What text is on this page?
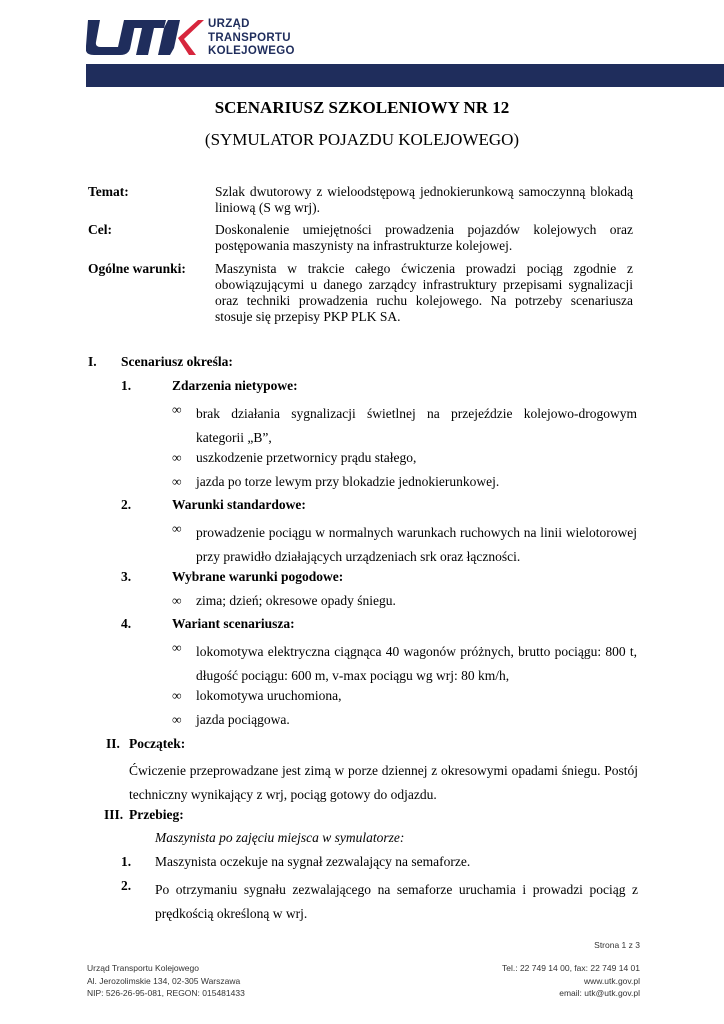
URZĄD
TRANSPORTU
KOLEJOWEGO
SCENARIUSZ SZKOLENIOWY NR 12
(SYMULATOR POJAZDU KOLEJOWEGO)
Temat:	Szlak dwutorowy z wieloodstępową jednokierunkową samoczynną blokadą liniową (S wg wrj).
Cel:	Doskonalenie umiejętności prowadzenia pojazdów kolejowych oraz postępowania maszynisty na infrastrukturze kolejowej.
Ogólne warunki: Maszynista w trakcie całego ćwiczenia prowadzi pociąg zgodnie z obowiązującymi u danego zarządcy infrastruktury przepisami sygnalizacji oraz techniki prowadzenia ruchu kolejowego. Na potrzeby scenariusza stosuje się przepisy PKP PLK SA.
I. Scenariusz określa:
1.	Zdarzenia nietypowe:
∞ brak działania sygnalizacji świetlnej na przejeździe kolejowo-drogowym kategorii „B”,
∞ uszkodzenie przetwornicy prądu stałego,
∞ jazda po torze lewym przy blokadzie jednokierunkowej.
2.	Warunki standardowe:
∞ prowadzenie pociągu w normalnych warunkach ruchowych na linii wielotorowej przy prawidło działających urządzeniach srk oraz łączności.
3.	Wybrane warunki pogodowe:
∞ zima; dzień; okresowe opady śniegu.
4.	Wariant scenariusza:
∞ lokomotywa elektryczna ciągnąca 40 wagonów próżnych, brutto pociągu: 800 t, długość pociągu: 600 m, v-max pociągu wg wrj: 80 km/h,
∞ lokomotywa uruchomiona,
∞ jazda pociągowa.
II. Początek:
Ćwiczenie przeprowadzane jest zimą w porze dziennej z okresowymi opadami śniegu. Postój techniczny wynikający z wrj, pociąg gotowy do odjazdu.
III. Przebieg:
Maszynista po zajęciu miejsca w symulatorze:
1. Maszynista oczekuje na sygnał zezwalający na semaforze.
2. Po otrzymaniu sygnału zezwalającego na semaforze uruchamia i prowadzi pociąg z prędkością określoną w wrj.
Strona 1 z 3
Urząd Transportu Kolejowego
Al. Jerozolimskie 134, 02-305 Warszawa
NIP: 526-26-95-081, REGON: 015481433
Tel.: 22 749 14 00, fax: 22 749 14 01
www.utk.gov.pl
email: utk@utk.gov.pl
